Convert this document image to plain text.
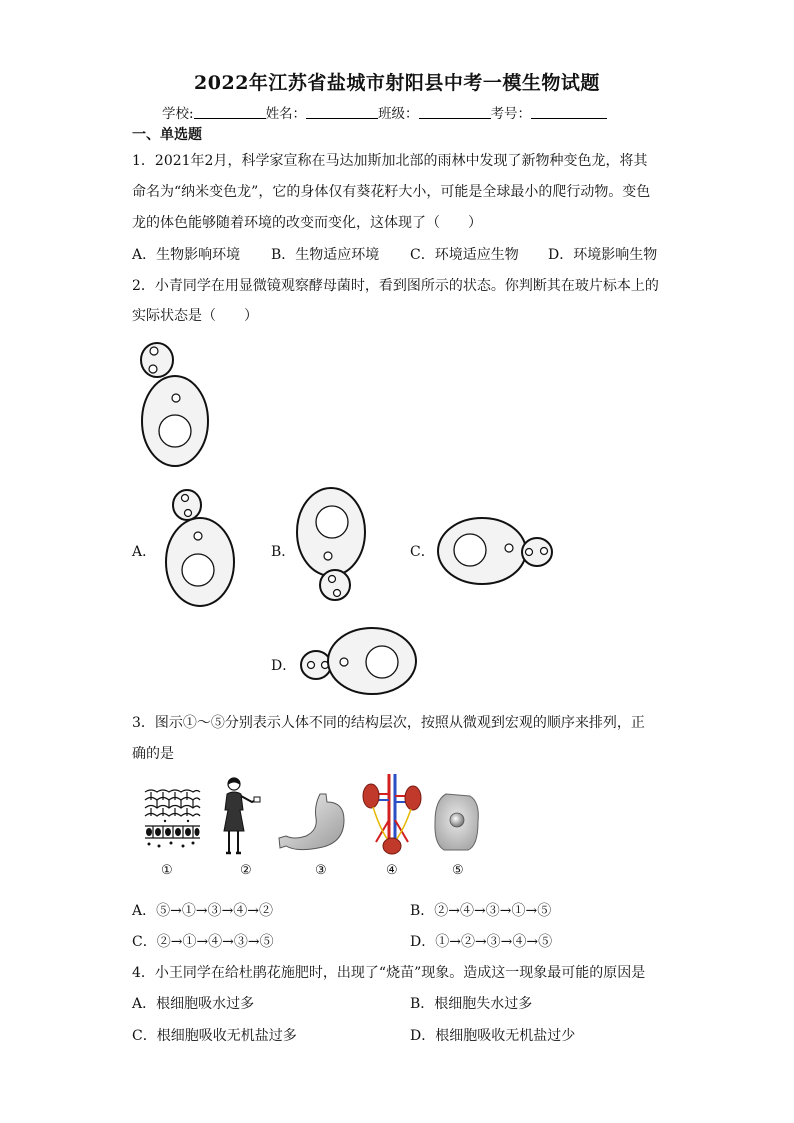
2022年江苏省盐城市射阳县中考一模生物试题
学校:	姓名：	班级：	考号：
一、单选题
1．2021年2月，科学家宣称在马达加斯加北部的雨林中发现了新物种变色龙，将其
命名为“纳米变色龙”，它的身体仅有葵花籽大小，可能是全球最小的爬行动物。变色
龙的体色能够随着环境的改变而变化，这体现了（　　）
A．生物影响环境 B．生物适应环境 C．环境适应生物 D．环境影响生物
2．小青同学在用显微镜观察酵母菌时，看到图所示的状态。你判断其在玻片标本上的
实际状态是（　　）
A．	B．	C．
D．
3．图示①～⑤分别表示人体不同的结构层次，按照从微观到宏观的顺序来排列，正
确的是
①	②	③	④	⑤
A．⑤→①→③→④→②	B．②→④→③→①→⑤
C．②→①→④→③→⑤	D．①→②→③→④→⑤
4．小王同学在给杜鹃花施肥时，出现了“烧苗”现象。造成这一现象最可能的原因是
A．根细胞吸水过多	B．根细胞失水过多
C．根细胞吸收无机盐过多	D．根细胞吸收无机盐过少
